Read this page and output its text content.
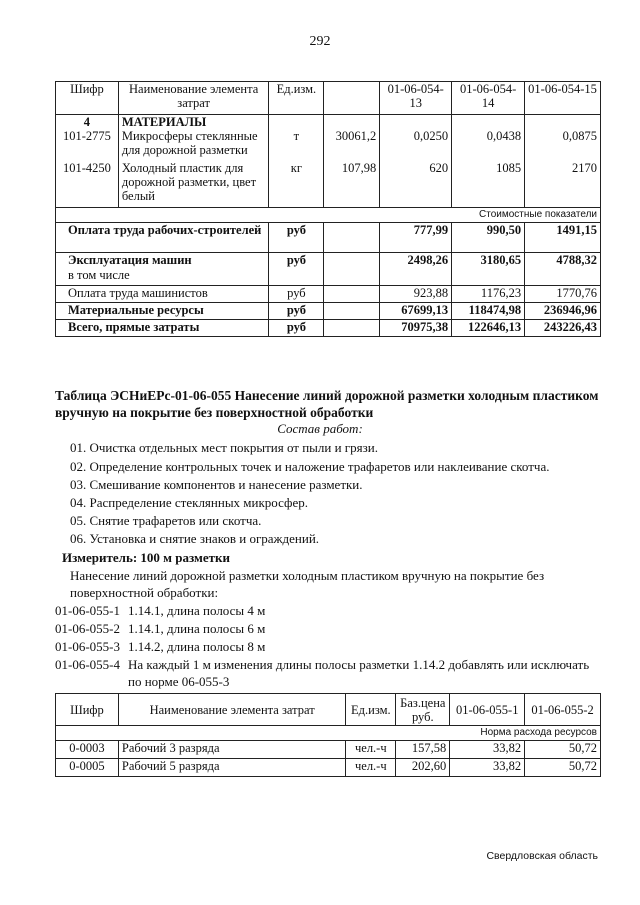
292
Шифр	Наименование элемента затрат	Ед.изм.		01-06-054-13	01-06-054-14	01-06-054-15
4	МАТЕРИАЛЫ					
101-2775	Микросферы стеклянные для дорожной разметки	т	30061,2	0,0250	0,0438	0,0875
101-4250	Холодный пластик для дорожной разметки, цвет белый	кг	107,98	620	1085	2170
Стоимостные показатели						
Оплата труда рабочих-строителей		руб		777,99	990,50	1491,15
Эксплуатация машин		руб		2498,26	3180,65	4788,32
в том числе						
Оплата труда машинистов		руб		923,88	1176,23	1770,76
Материальные ресурсы		руб		67699,13	118474,98	236946,96
Всего, прямые затраты		руб		70975,38	122646,13	243226,43
Таблица ЭСНиЕРс-01-06-055 Нанесение линий дорожной разметки холодным пластиком вручную на покрытие без поверхностной обработки
Состав работ:
01. Очистка отдельных мест покрытия от пыли и грязи.
02. Определение контрольных точек и наложение трафаретов или наклеивание скотча.
03. Смешивание компонентов и нанесение разметки.
04. Распределение стеклянных микросфер.
05. Снятие трафаретов или скотча.
06. Установка и снятие знаков и ограждений.
Измеритель: 100 м разметки
Нанесение линий дорожной разметки холодным пластиком вручную на покрытие без поверхностной обработки:
01-06-055-1 1.14.1, длина полосы 4 м
01-06-055-2 1.14.1, длина полосы 6 м
01-06-055-3 1.14.2, длина полосы 8 м
01-06-055-4 На каждый 1 м изменения длины полосы разметки 1.14.2 добавлять или исключать по норме 06-055-3
Шифр	Наименование элемента затрат	Ед.изм.	Баз.цена руб.	01-06-055-1	01-06-055-2
Норма расхода ресурсов					
0-0003	Рабочий 3 разряда	чел.-ч	157,58	33,82	50,72
0-0005	Рабочий 5 разряда	чел.-ч	202,60	33,82	50,72
Свердловская область
